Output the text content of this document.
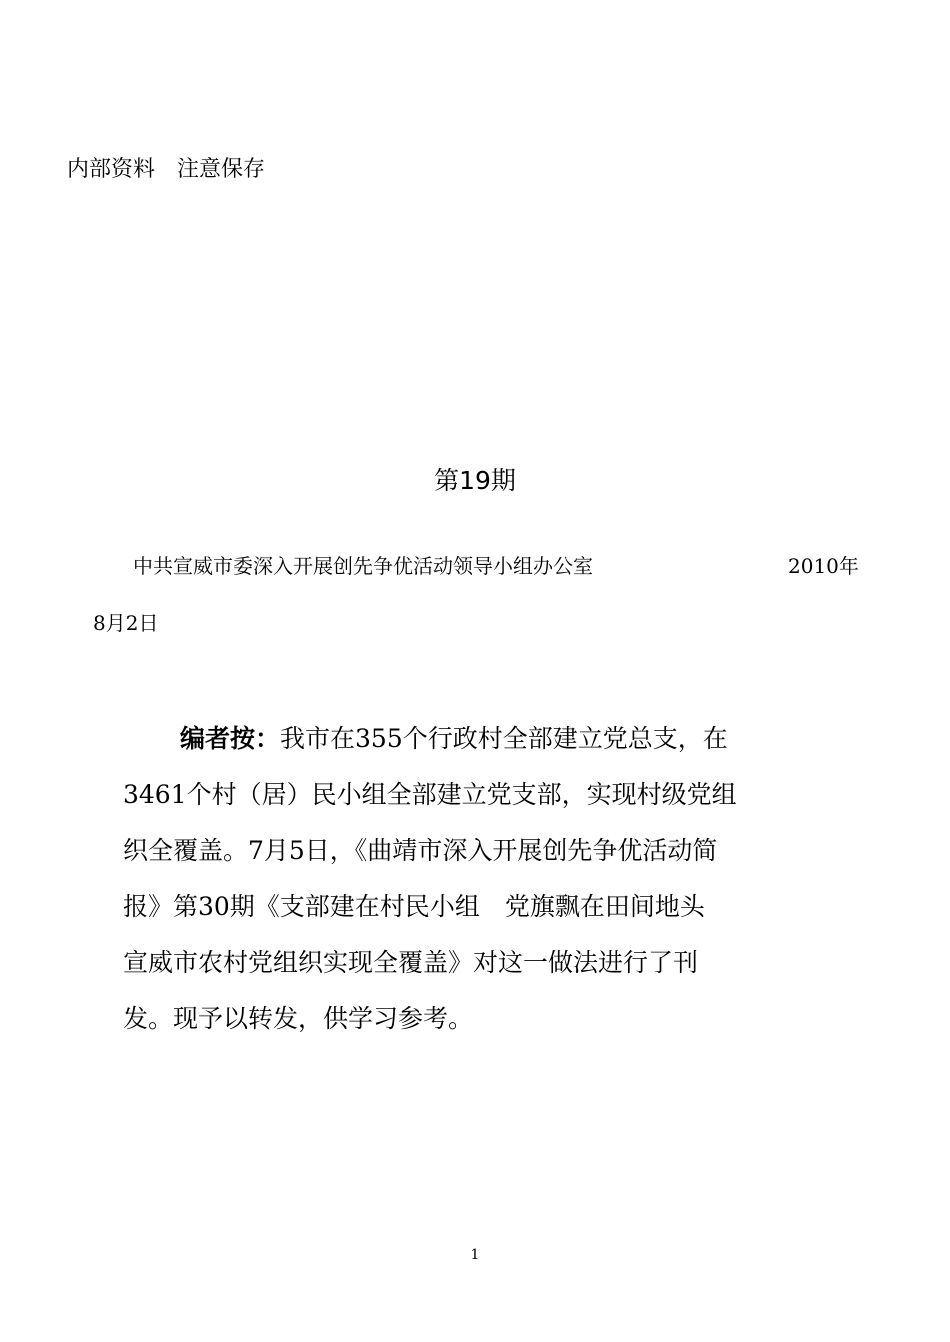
内部资料 注意保存
第19期
中共宣威市委深入开展创先争优活动领导小组办公室	2010年
8月2日
编者按：我市在355个行政村全部建立党总支，在
3461个村（居）民小组全部建立党支部，实现村级党组
织全覆盖。7月5日，《曲靖市深入开展创先争优活动简
报》第30期《支部建在村民小组　党旗飘在田间地头
宣威市农村党组织实现全覆盖》对这一做法进行了刊
发。现予以转发，供学习参考。
1
